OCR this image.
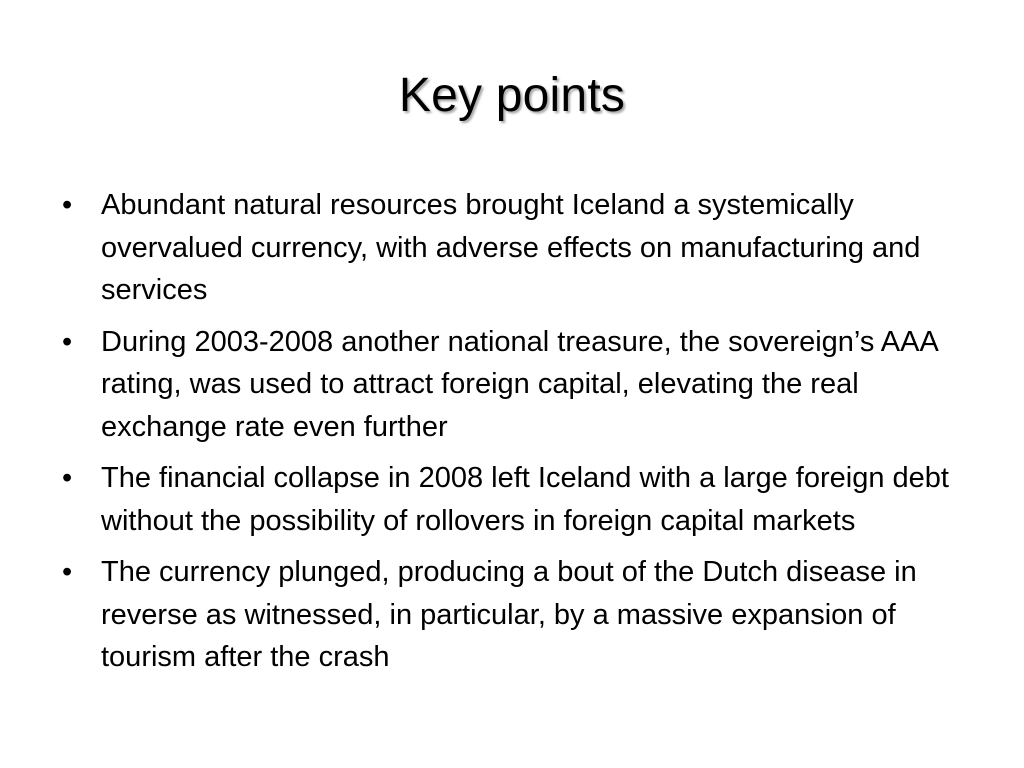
Key points
• Abundant natural resources brought Iceland a systemically overvalued currency, with adverse effects on manufacturing and services
• During 2003-2008 another national treasure, the sovereign’s AAA rating, was used to attract foreign capital, elevating the real exchange rate even further
• The financial collapse in 2008 left Iceland with a large foreign debt without the possibility of rollovers in foreign capital markets
• The currency plunged, producing a bout of the Dutch disease in reverse as witnessed, in particular, by a massive expansion of tourism after the crash
